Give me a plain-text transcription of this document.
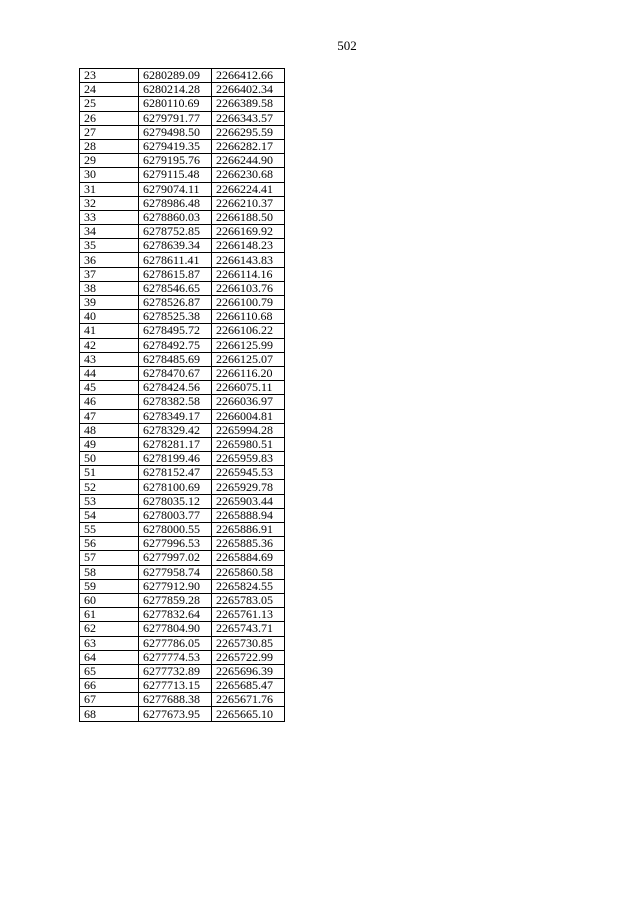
502
23	6280289.09	2266412.66
24	6280214.28	2266402.34
25	6280110.69	2266389.58
26	6279791.77	2266343.57
27	6279498.50	2266295.59
28	6279419.35	2266282.17
29	6279195.76	2266244.90
30	6279115.48	2266230.68
31	6279074.11	2266224.41
32	6278986.48	2266210.37
33	6278860.03	2266188.50
34	6278752.85	2266169.92
35	6278639.34	2266148.23
36	6278611.41	2266143.83
37	6278615.87	2266114.16
38	6278546.65	2266103.76
39	6278526.87	2266100.79
40	6278525.38	2266110.68
41	6278495.72	2266106.22
42	6278492.75	2266125.99
43	6278485.69	2266125.07
44	6278470.67	2266116.20
45	6278424.56	2266075.11
46	6278382.58	2266036.97
47	6278349.17	2266004.81
48	6278329.42	2265994.28
49	6278281.17	2265980.51
50	6278199.46	2265959.83
51	6278152.47	2265945.53
52	6278100.69	2265929.78
53	6278035.12	2265903.44
54	6278003.77	2265888.94
55	6278000.55	2265886.91
56	6277996.53	2265885.36
57	6277997.02	2265884.69
58	6277958.74	2265860.58
59	6277912.90	2265824.55
60	6277859.28	2265783.05
61	6277832.64	2265761.13
62	6277804.90	2265743.71
63	6277786.05	2265730.85
64	6277774.53	2265722.99
65	6277732.89	2265696.39
66	6277713.15	2265685.47
67	6277688.38	2265671.76
68	6277673.95	2265665.10
